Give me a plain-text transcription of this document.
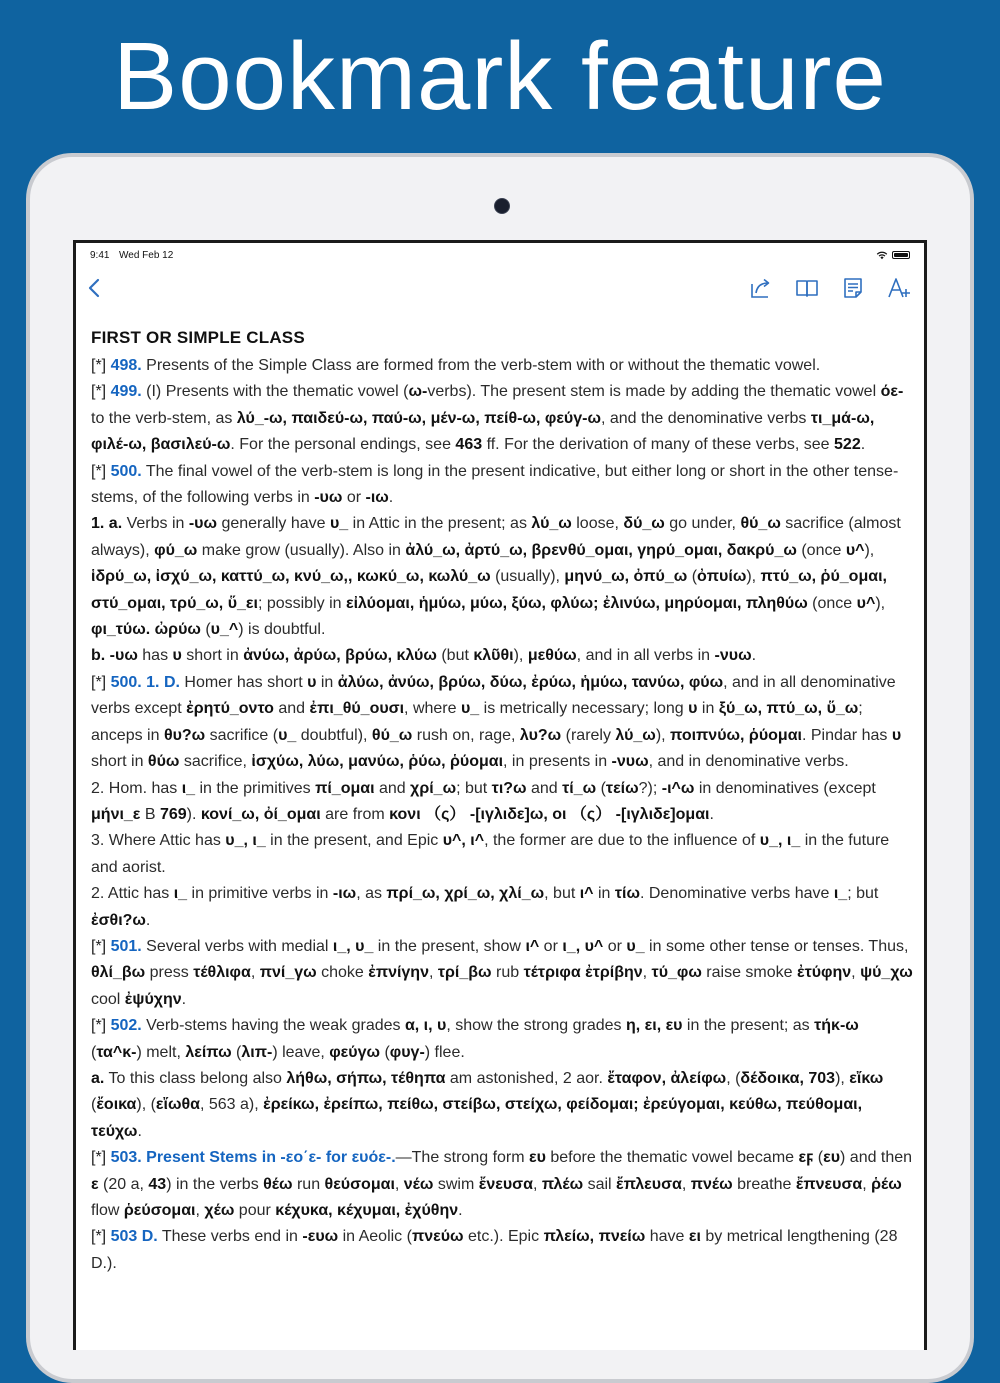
Bookmark feature
9:41 Wed Feb 12
FIRST OR SIMPLE CLASS

[*] 498. Presents of the Simple Class are formed from the verb-stem with or without the thematic vowel.

[*] 499. (I) Presents with the thematic vowel (ω-verbs). The present stem is made by adding the thematic vowel όε- to the verb-stem, as λύ_-ω, παιδεύ-ω, παύ-ω, μέν-ω, πείθ-ω, φεύγ-ω, and the denominative verbs τι_μά-ω, φιλέ-ω, βασιλεύ-ω. For the personal endings, see 463 ff. For the derivation of many of these verbs, see 522.

[*] 500. The final vowel of the verb-stem is long in the present indicative, but either long or short in the other tense-stems, of the following verbs in -υω or -ιω.

1. a. Verbs in -υω generally have υ_ in Attic in the present; as λύ_ω loose, δύ_ω go under, θύ_ω sacrifice (almost always), φύ_ω make grow (usually). Also in ἀλύ_ω, ἀρτύ_ω, βρενθύ_ομαι, γηρύ_ομαι, δακρύ_ω (once υ^), ἱδρύ_ω, ἰσχύ_ω, καττύ_ω, κνύ_ω,, κωκύ_ω, κωλύ_ω (usually), μηνύ_ω, ὀπύ_ω (ὀπυίω), πτύ_ω, ῥύ_ομαι, στύ_ομαι, τρύ_ω, ὕ_ει; possibly in εἰλύομαι, ἡμύω, μύω, ξύω, φλύω; ἐλινύω, μηρύομαι, πληθύω (once υ^), φι_τύω. ὠρύω (υ_^) is doubtful.

b. -υω has υ short in ἀνύω, ἀρύω, βρύω, κλύω (but κλῦθι), μεθύω, and in all verbs in -νυω.

[*] 500. 1. D. Homer has short υ in ἀλύω, ἀνύω, βρύω, δύω, ἐρύω, ἡμύω, τανύω, φύω, and in all denominative verbs except ἐρητύ_οντο and ἐπι_θύ_ουσι, where υ_ is metrically necessary; long υ in ξύ_ω, πτύ_ω, ὕ_ω; anceps in θυ?ω sacrifice (υ_ doubtful), θύ_ω rush on, rage, λυ?ω (rarely λύ_ω), ποιπνύω, ῥύομαι. Pindar has υ short in θύω sacrifice, ἰσχύω, λύω, μανύω, ῥύω, ῥύομαι, in presents in -νυω, and in denominative verbs.

2. Hom. has ι_ in the primitives πί_ομαι and χρί_ω; but τι?ω and τί_ω (τείω?); -ι^ω in denominatives (except μήνι_ε B 769). κονί_ω, ὀί_ομαι are from κονι （ς） -[ιγλιδε]ω, οι （ς） -[ιγλιδε]ομαι.

3. Where Attic has υ_, ι_ in the present, and Epic υ^, ι^, the former are due to the influence of υ_, ι_ in the future and aorist.

2. Attic has ι_ in primitive verbs in -ιω, as πρί_ω, χρί_ω, χλί_ω, but ι^ in τίω. Denominative verbs have ι_; but ἐσθι?ω.

[*] 501. Several verbs with medial ι_, υ_ in the present, show ι^ or ι_, υ^ or υ_ in some other tense or tenses. Thus, θλί_βω press τέθλιφα, πνί_γω choke ἐπνίγην, τρί_βω rub τέτριφα ἐτρίβην, τύ_φω raise smoke ἐτύφην, ψύ_χω cool ἐψύχην.

[*] 502. Verb-stems having the weak grades α, ι, υ, show the strong grades η, ει, ευ in the present; as τήκ-ω (τα^κ-) melt, λείπω (λιπ-) leave, φεύγω (φυγ-) flee.

a. To this class belong also λήθω, σήπω, τέθηπα am astonished, 2 aor. ἔταφον, ἀλείφω, (δέδοικα, 703), εἴκω (ἔοικα), (εἴωθα, 563 a), ἐρείκω, ἐρείπω, πείθω, στείβω, στείχω, φείδομαι; ἐρεύγομαι, κεύθω, πεύθομαι, τεύχω.

[*] 503. Present Stems in -εο΄ε- for ευόε-.—The strong form ευ before the thematic vowel became εϝ (ευ) and then ε (20 a, 43) in the verbs θέω run θεύσομαι, νέω swim ἔνευσα, πλέω sail ἔπλευσα, πνέω breathe ἔπνευσα, ῥέω flow ῥεύσομαι, χέω pour κέχυκα, κέχυμαι, ἐχύθην.

[*] 503 D. These verbs end in -ευω in Aeolic (πνεύω etc.). Epic πλείω, πνείω have ει by metrical lengthening (28 D.).
